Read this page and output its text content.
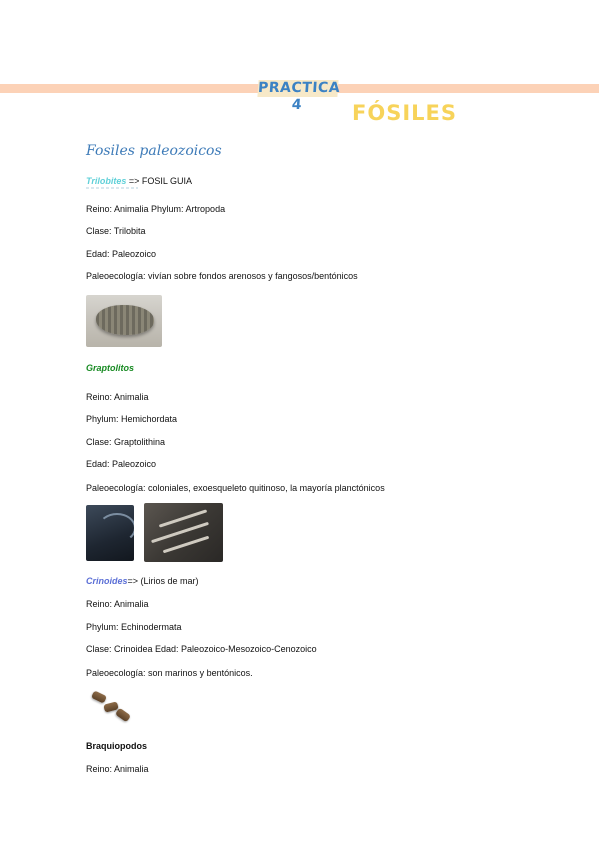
PRACTICA 4	FÓSILES
Fosiles paleozoicos
Trilobites => FOSIL GUIA
Reino: Animalia Phylum: Artropoda
Clase: Trilobita
Edad: Paleozoico
Paleoecología: vivían sobre fondos arenosos y fangosos/bentónicos
Graptolitos
Reino: Animalia
Phylum: Hemichordata
Clase: Graptolithina
Edad: Paleozoico
Paleoecología: coloniales, exoesqueleto quitinoso, la mayoría planctónicos
Crinoides=> (Lirios de mar)
Reino: Animalia
Phylum: Echinodermata
Clase: Crinoidea Edad: Paleozoico-Mesozoico-Cenozoico
Paleoecología: son marinos y bentónicos.
Braquiopodos
Reino: Animalia
